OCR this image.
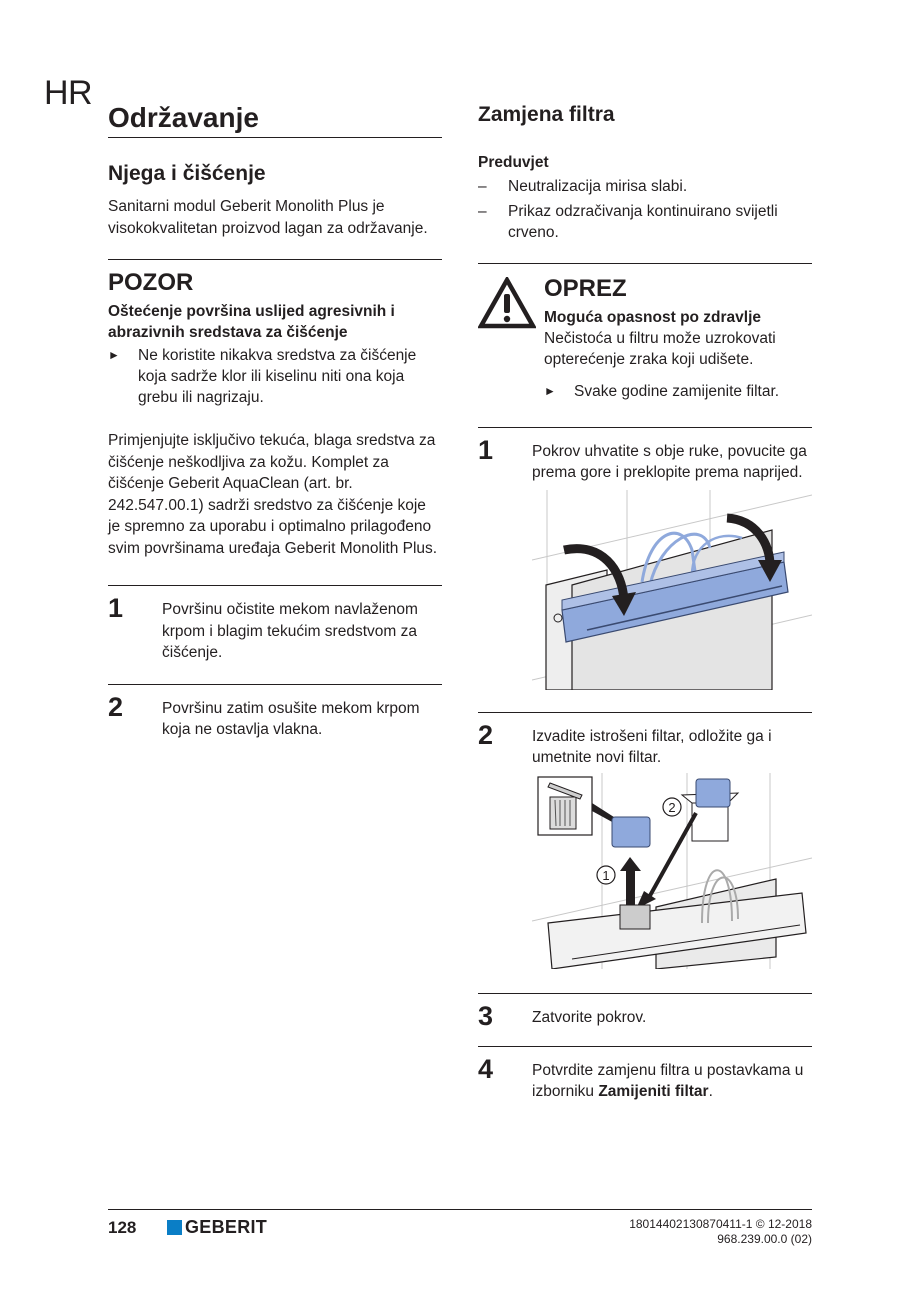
HR
Održavanje
Njega i čišćenje
Sanitarni modul Geberit Monolith Plus je visokokvalitetan proizvod lagan za održavanje.
POZOR
Oštećenje površina uslijed agresivnih i abrazivnih sredstava za čišćenje
►	Ne koristite nikakva sredstva za čišćenje koja sadrže klor ili kiselinu niti ona koja grebu ili nagrizaju.
Primjenjujte isključivo tekuća, blaga sredstva za čišćenje neškodljiva za kožu. Komplet za čišćenje Geberit AquaClean (art. br. 242.547.00.1) sadrži sredstvo za čišćenje koje je spremno za uporabu i optimalno prilagođeno svim površinama uređaja Geberit Monolith Plus.
1	Površinu očistite mekom navlaženom krpom i blagim tekućim sredstvom za čišćenje.
2	Površinu zatim osušite mekom krpom koja ne ostavlja vlakna.
Zamjena filtra
Preduvjet
–	Neutralizacija mirisa slabi.
–	Prikaz odzračivanja kontinuirano svijetli crveno.
OPREZ
Moguća opasnost po zdravlje
Nečistoća u filtru može uzrokovati opterećenje zraka koji udišete.
►	Svake godine zamijenite filtar.
1	Pokrov uhvatite s obje ruke, povucite ga prema gore i preklopite prema naprijed.
2	Izvadite istrošeni filtar, odložite ga i umetnite novi filtar.
2
1
3	Zatvorite pokrov.
4	Potvrdite zamjenu filtra u postavkama u izborniku Zamijeniti filtar.
128	GEBERIT	18014402130870411-1 © 12-2018
968.239.00.0 (02)
